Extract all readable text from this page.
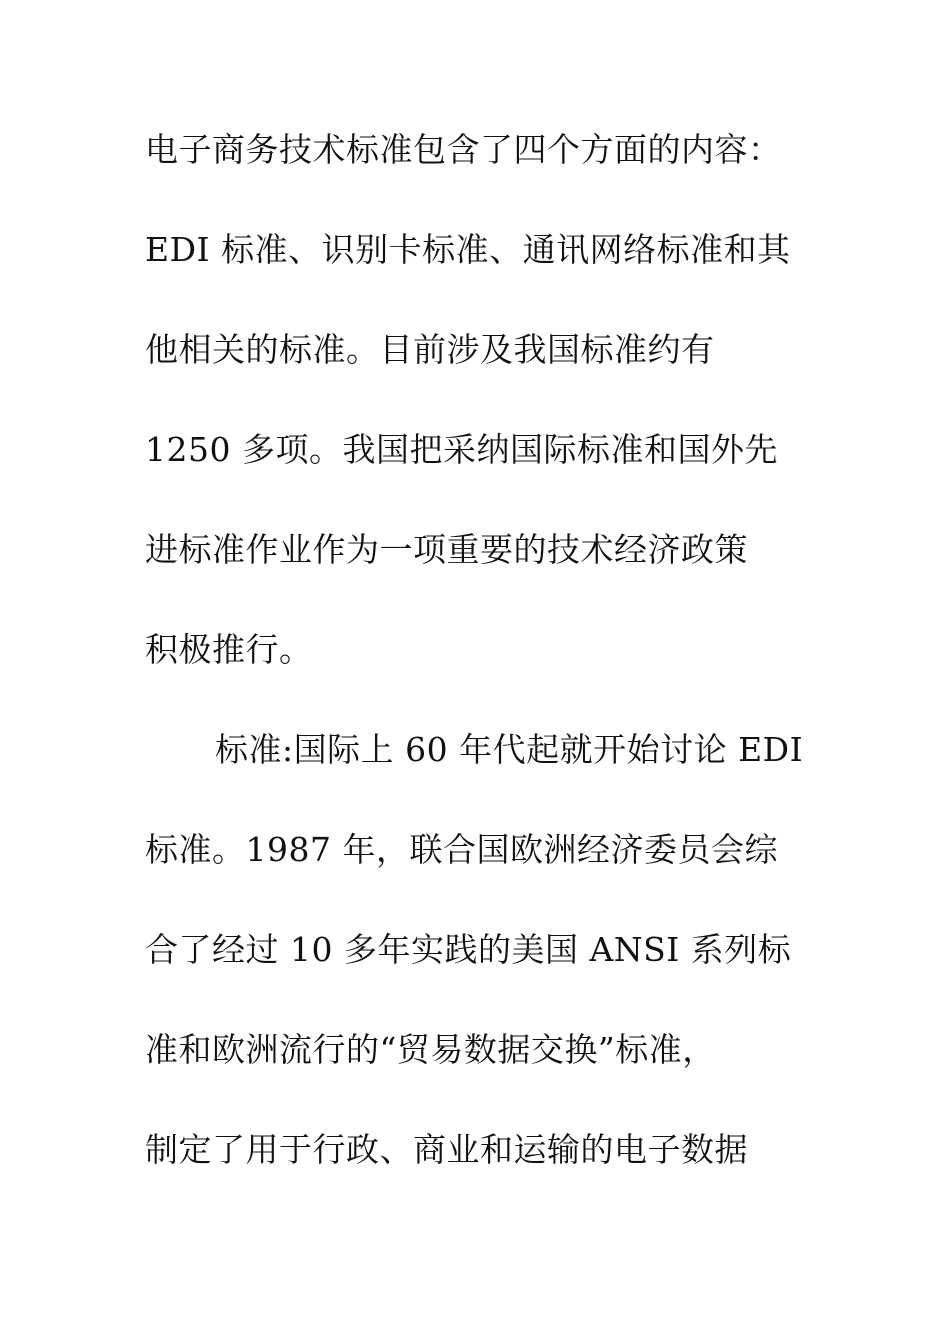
电子商务技术标准包含了四个方面的内容：
EDI 标准、识别卡标准、通讯网络标准和其
他相关的标准。目前涉及我国标准约有
1250 多项。我国把采纳国际标准和国外先
进标准作业作为一项重要的技术经济政策
积极推行。
标准:国际上 60 年代起就开始讨论 EDI
标准。1987 年，联合国欧洲经济委员会综
合了经过 10 多年实践的美国 ANSI 系列标
准和欧洲流行的“贸易数据交换”标准，
制定了用于行政、商业和运输的电子数据
